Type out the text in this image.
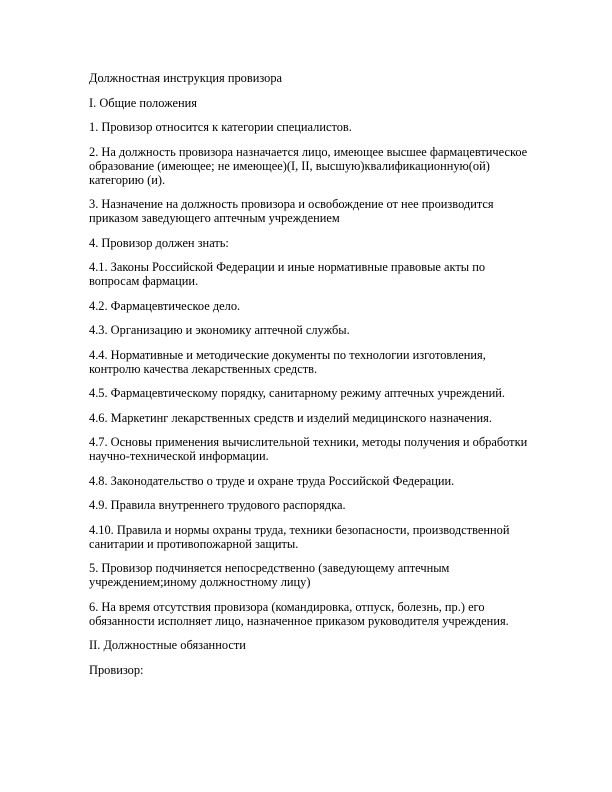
Должностная инструкция провизора

I. Общие положения

1. Провизор относится к категории специалистов.

2. На должность провизора назначается лицо, имеющее высшее фармацевтическое образование (имеющее; не имеющее)(I, II, высшую)квалификационную(ой) категорию (и).

3. Назначение на должность провизора и освобождение от нее производится приказом заведующего аптечным учреждением

4. Провизор должен знать:

4.1. Законы Российской Федерации и иные нормативные правовые акты по вопросам фармации.

4.2. Фармацевтическое дело.

4.3. Организацию и экономику аптечной службы.

4.4. Нормативные и методические документы по технологии изготовления, контролю качества лекарственных средств.

4.5. Фармацевтическому порядку, санитарному режиму аптечных учреждений.

4.6. Маркетинг лекарственных средств и изделий медицинского назначения.

4.7. Основы применения вычислительной техники, методы получения и обработки научно-технической информации.

4.8. Законодательство о труде и охране труда Российской Федерации.

4.9. Правила внутреннего трудового распорядка.

4.10. Правила и нормы охраны труда, техники безопасности, производственной санитарии и противопожарной защиты.

5. Провизор подчиняется непосредственно (заведующему аптечным учреждением;иному должностному лицу)

6. На время отсутствия провизора (командировка, отпуск, болезнь, пр.) его обязанности исполняет лицо, назначенное приказом руководителя учреждения.

II. Должностные обязанности

Провизор:
